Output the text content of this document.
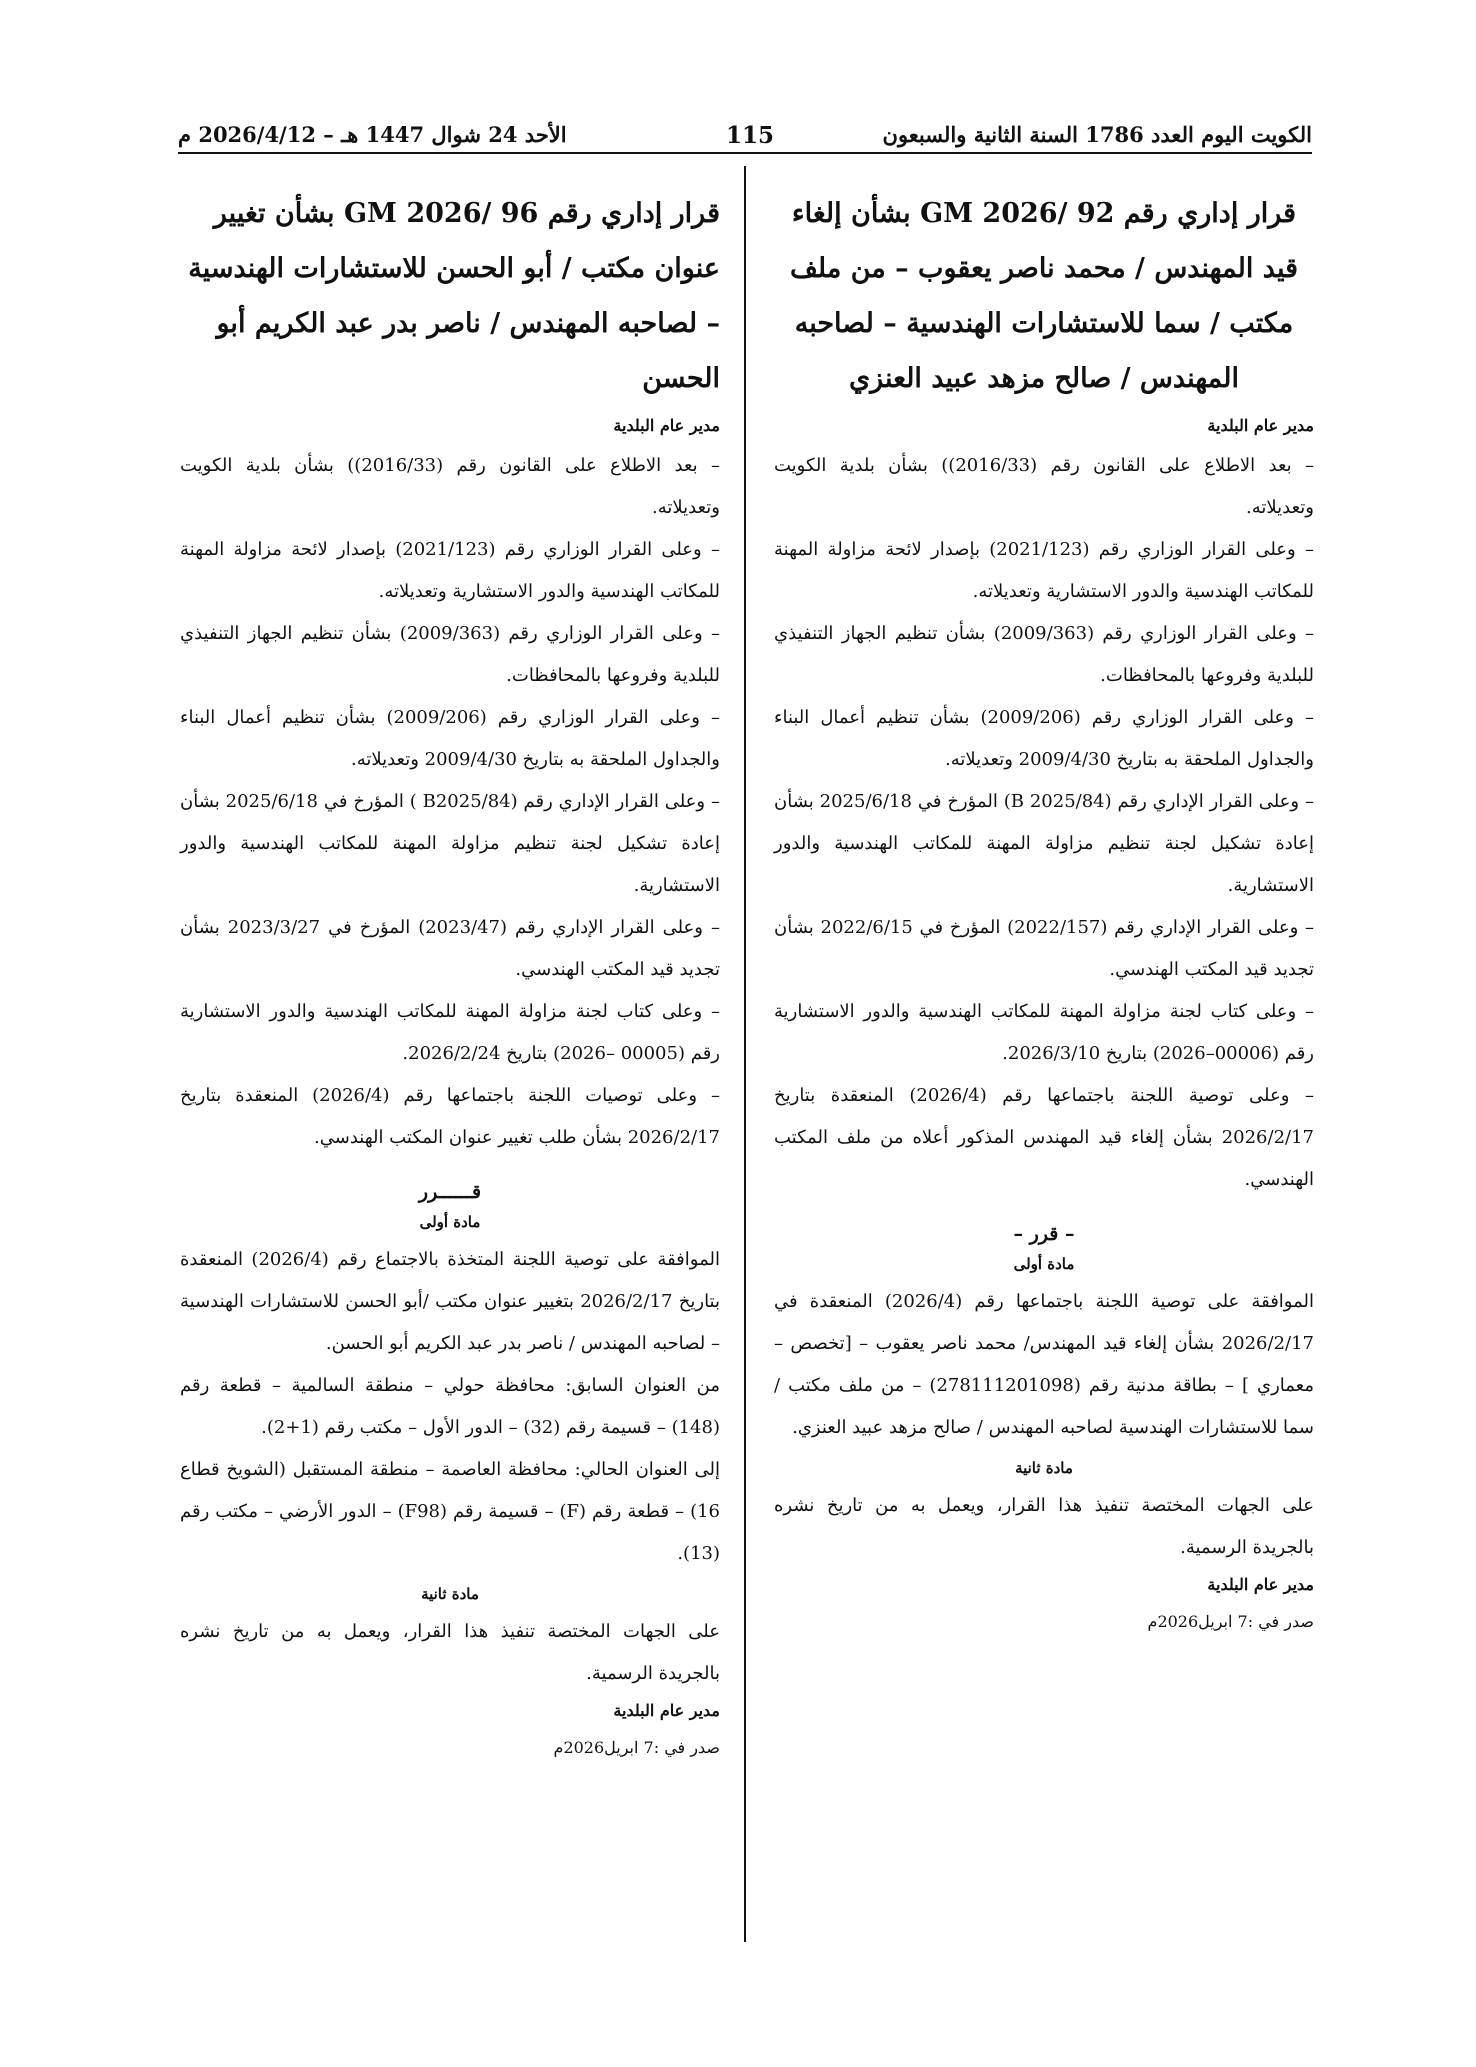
الكويت اليوم العدد 1786 السنة الثانية والسبعون
115
الأحد 24 شوال 1447 هـ – 2026/4/12 م
قرار إداري رقم 92 /GM 2026 بشأن إلغاء قيد المهندس / محمد ناصر يعقوب – من ملف مكتب / سما للاستشارات الهندسية – لصاحبه المهندس / صالح مزهد عبيد العنزي
مدير عام البلدية

– بعد الاطلاع على القانون رقم (2016/33)) بشأن بلدية الكويت وتعديلاته.

– وعلى القرار الوزاري رقم (2021/123) بإصدار لائحة مزاولة المهنة للمكاتب الهندسية والدور الاستشارية وتعديلاته.

– وعلى القرار الوزاري رقم (2009/363) بشأن تنظيم الجهاز التنفيذي للبلدية وفروعها بالمحافظات.

– وعلى القرار الوزاري رقم (2009/206) بشأن تنظيم أعمال البناء والجداول الملحقة به بتاريخ 2009/4/30 وتعديلاته.

– وعلى القرار الإداري رقم (2025/84 B) المؤرخ في 2025/6/18 بشأن إعادة تشكيل لجنة تنظيم مزاولة المهنة للمكاتب الهندسية والدور الاستشارية.

– وعلى القرار الإداري رقم (2022/157) المؤرخ في 2022/6/15 بشأن تجديد قيد المكتب الهندسي.

– وعلى كتاب لجنة مزاولة المهنة للمكاتب الهندسية والدور الاستشارية رقم (00006–2026) بتاريخ 2026/3/10.

– وعلى توصية اللجنة باجتماعها رقم (2026/4) المنعقدة بتاريخ 2026/2/17 بشأن إلغاء قيد المهندس المذكور أعلاه من ملف المكتب الهندسي.

– قرر –
مادة أولى

الموافقة على توصية اللجنة باجتماعها رقم (2026/4) المنعقدة في 2026/2/17 بشأن إلغاء قيد المهندس/ محمد ناصر يعقوب – [تخصص – معماري ] – بطاقة مدنية رقم (278111201098) – من ملف مكتب / سما للاستشارات الهندسية لصاحبه المهندس / صالح مزهد عبيد العنزي.

مادة ثانية

على الجهات المختصة تنفيذ هذا القرار، ويعمل به من تاريخ نشره بالجريدة الرسمية.

مدير عام البلدية
صدر في :7 ابريل2026م
قرار إداري رقم 96 /GM 2026 بشأن تغيير عنوان مكتب / أبو الحسن للاستشارات الهندسية – لصاحبه المهندس / ناصر بدر عبد الكريم أبو الحسن
مدير عام البلدية

– بعد الاطلاع على القانون رقم (2016/33)) بشأن بلدية الكويت وتعديلاته.

– وعلى القرار الوزاري رقم (2021/123) بإصدار لائحة مزاولة المهنة للمكاتب الهندسية والدور الاستشارية وتعديلاته.

– وعلى القرار الوزاري رقم (2009/363) بشأن تنظيم الجهاز التنفيذي للبلدية وفروعها بالمحافظات.

– وعلى القرار الوزاري رقم (2009/206) بشأن تنظيم أعمال البناء والجداول الملحقة به بتاريخ 2009/4/30 وتعديلاته.

– وعلى القرار الإداري رقم (B2025/84 ) المؤرخ في 2025/6/18 بشأن إعادة تشكيل لجنة تنظيم مزاولة المهنة للمكاتب الهندسية والدور الاستشارية.

– وعلى القرار الإداري رقم (2023/47) المؤرخ في 2023/3/27 بشأن تجديد قيد المكتب الهندسي.

– وعلى كتاب لجنة مزاولة المهنة للمكاتب الهندسية والدور الاستشارية رقم (00005 –2026) بتاريخ 2026/2/24.

– وعلى توصيات اللجنة باجتماعها رقم (2026/4) المنعقدة بتاريخ 2026/2/17 بشأن طلب تغيير عنوان المكتب الهندسي.

قــــــرر
مادة أولى

الموافقة على توصية اللجنة المتخذة بالاجتماع رقم (2026/4) المنعقدة بتاريخ 2026/2/17 بتغيير عنوان مكتب /أبو الحسن للاستشارات الهندسية – لصاحبه المهندس / ناصر بدر عبد الكريم أبو الحسن.

من العنوان السابق: محافظة حولي – منطقة السالمية – قطعة رقم (148) – قسيمة رقم (32) – الدور الأول – مكتب رقم (1+2).

إلى العنوان الحالي: محافظة العاصمة – منطقة المستقبل (الشويخ قطاع 16) – قطعة رقم (F) – قسيمة رقم (F98) – الدور الأرضي – مكتب رقم (13).

مادة ثانية

على الجهات المختصة تنفيذ هذا القرار، ويعمل به من تاريخ نشره بالجريدة الرسمية.

مدير عام البلدية
صدر في :7 ابريل2026م
